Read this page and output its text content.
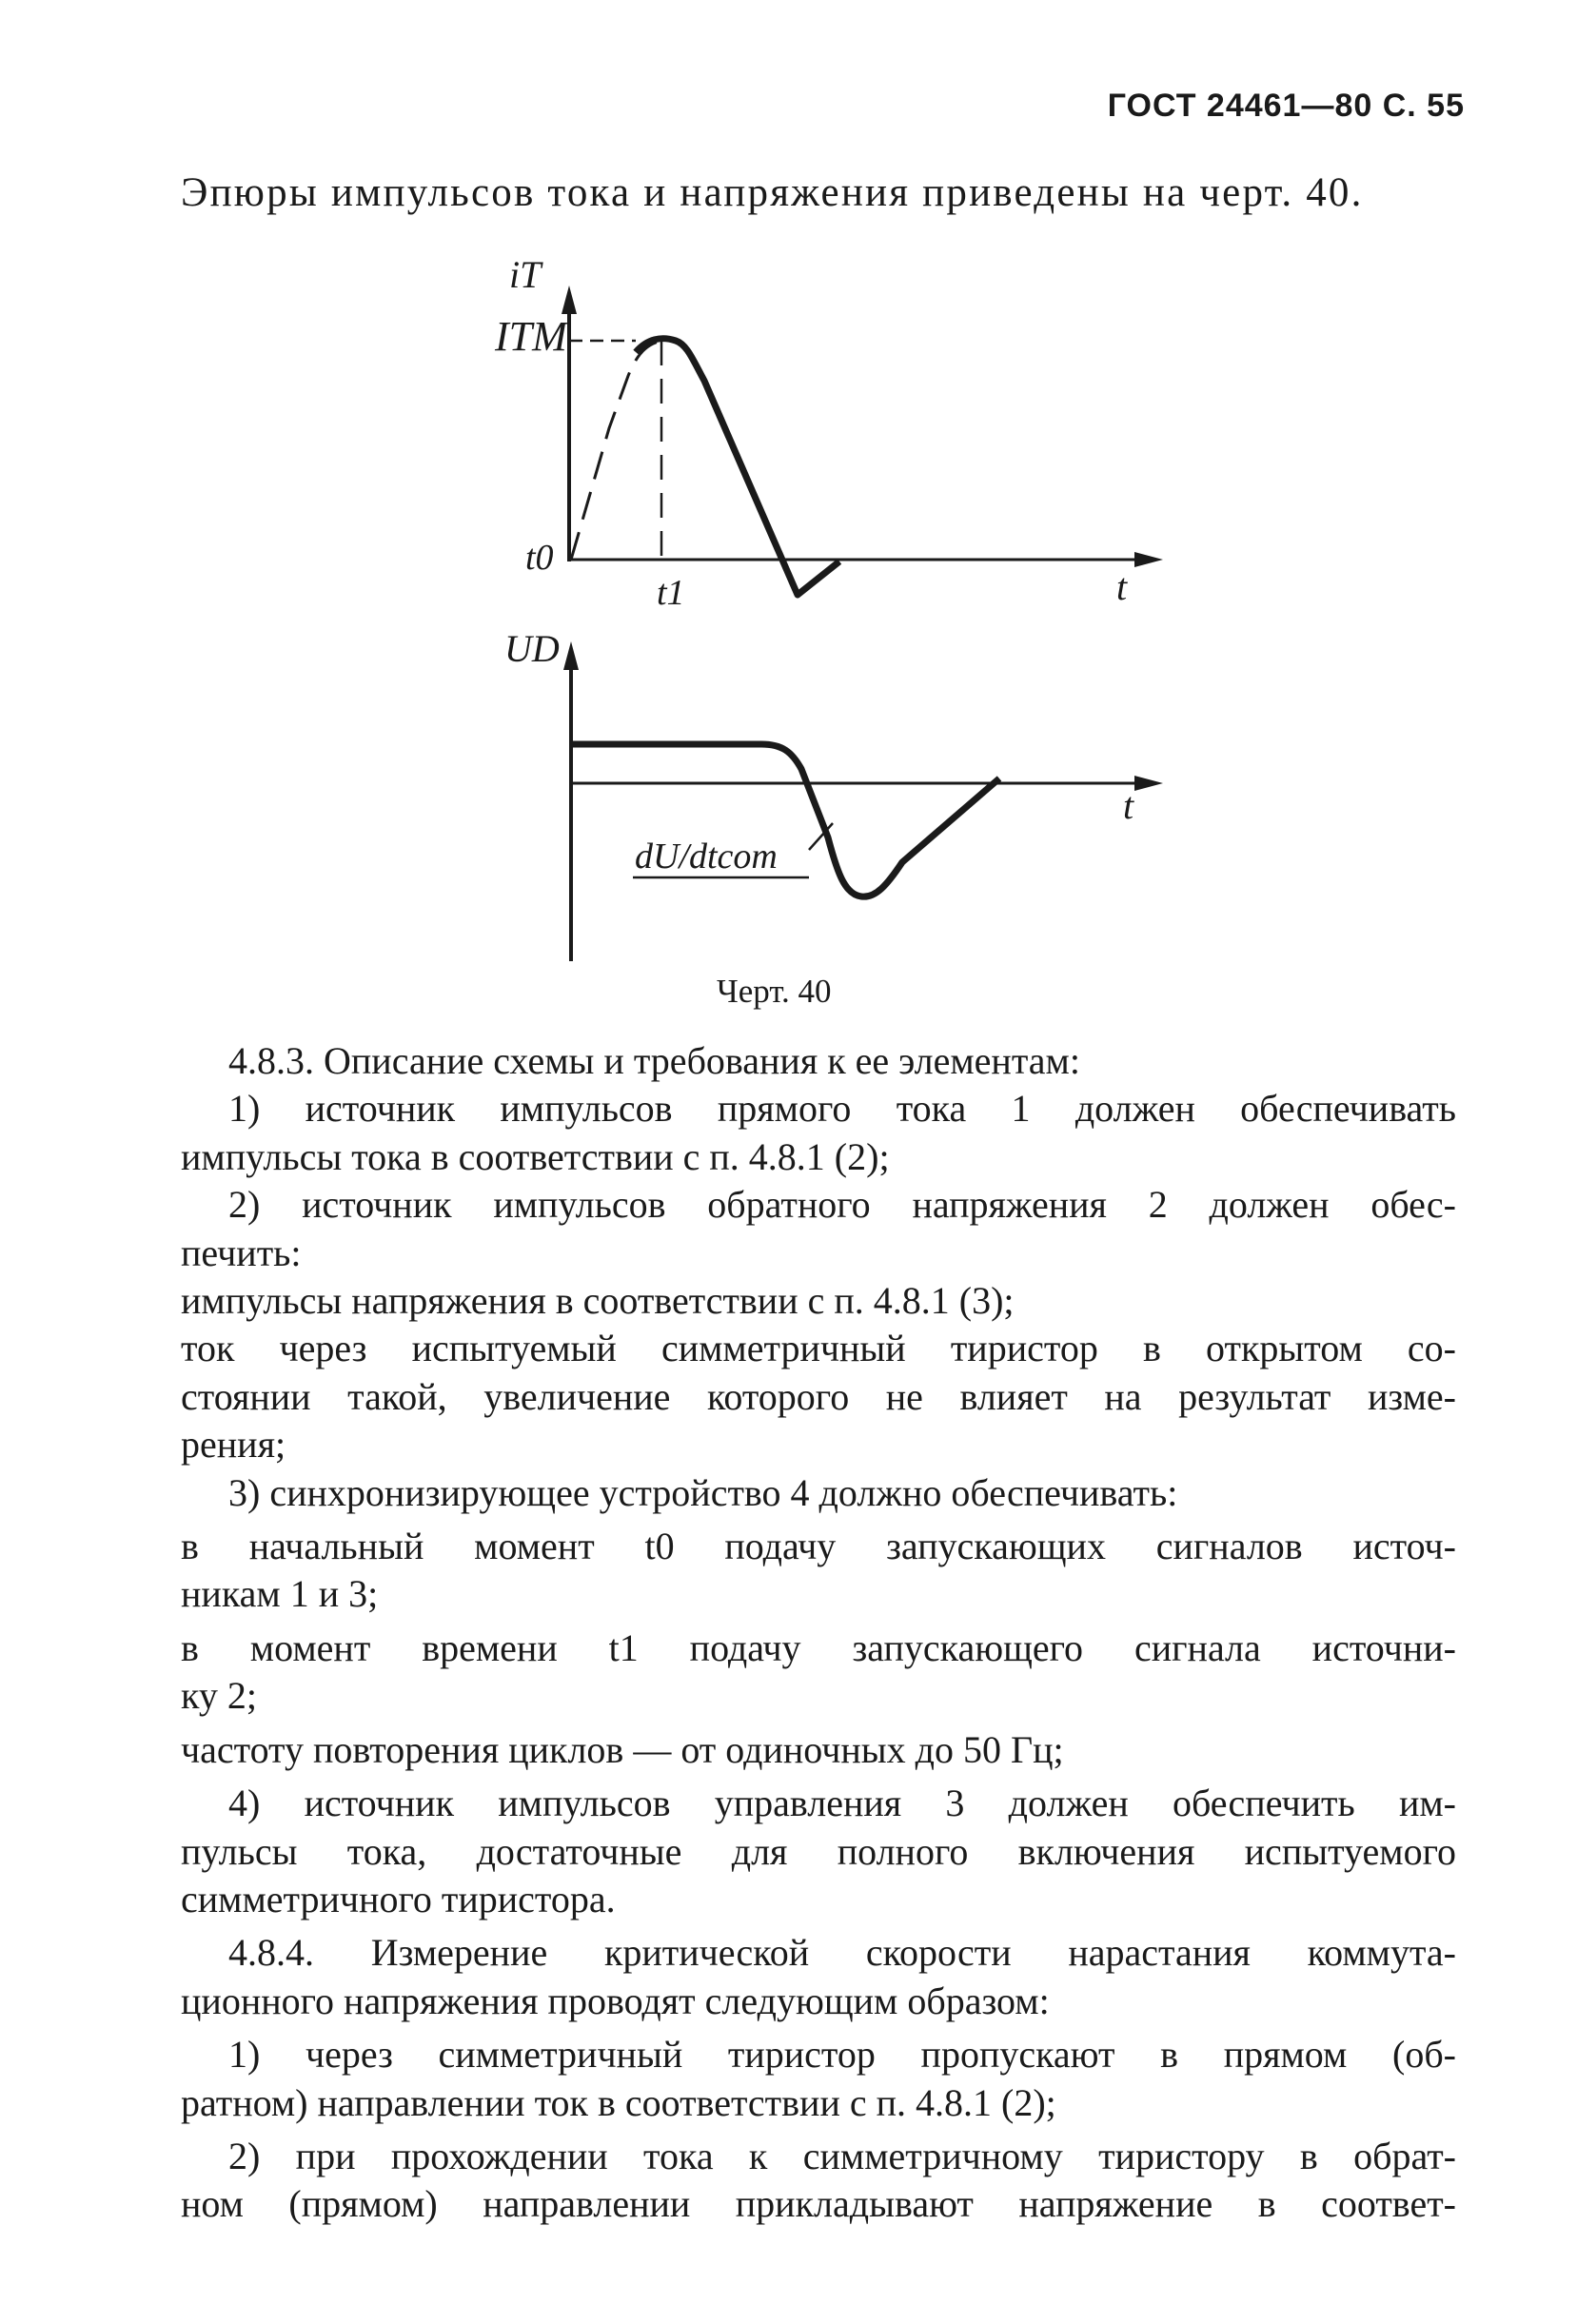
ГОСТ 24461—80 С. 55
Эпюры импульсов тока и напряжения приведены на черт. 40.
iT
ITM
t0
t1	t
UD
t
dU/dtcom
Черт. 40
4.8.3. Описание схемы и требования к ее элементам:
1) источник импульсов прямого тока 1 должен обеспечивать
импульсы тока в соответствии с п. 4.8.1 (2);
2) источник импульсов обратного напряжения 2 должен обес-
печить:
импульсы напряжения в соответствии с п. 4.8.1 (3);
ток через испытуемый симметричный тиристор в открытом со-
стоянии такой, увеличение которого не влияет на результат изме-
рения;
3) синхронизирующее устройство 4 должно обеспечивать:
в начальный момент t0 подачу запускающих сигналов источ-
никам 1 и 3;
в момент времени t1 подачу запускающего сигнала источни-
ку 2;
частоту повторения циклов — от одиночных до 50 Гц;
4) источник импульсов управления 3 должен обеспечить им-
пульсы тока, достаточные для полного включения испытуемого
симметричного тиристора.
4.8.4. Измерение критической скорости нарастания коммута-
ционного напряжения проводят следующим образом:
1) через симметричный тиристор пропускают в прямом (об-
ратном) направлении ток в соответствии с п. 4.8.1 (2);
2) при прохождении тока к симметричному тиристору в обрат-
ном (прямом) направлении прикладывают напряжение в соответ-
